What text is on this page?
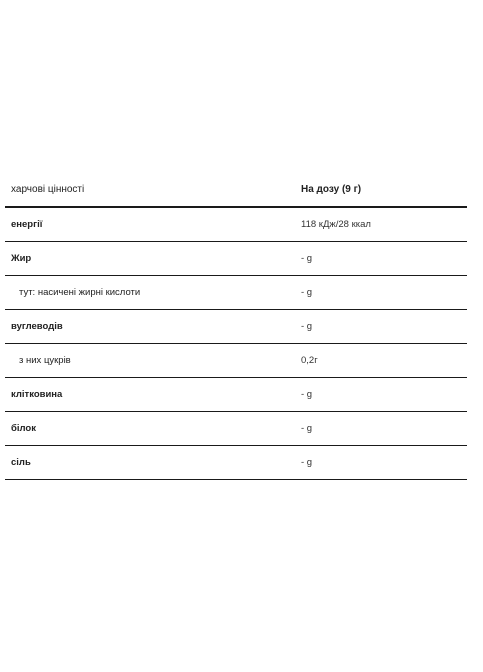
харчові цінності	На дозу (9 г)
енергії	118 кДж/28 ккал
Жир	- g
тут: насичені жирні кислоти	- g
вуглеводів	- g
з них цукрів	0,2г
клітковина	- g
білок	- g
сіль	- g
